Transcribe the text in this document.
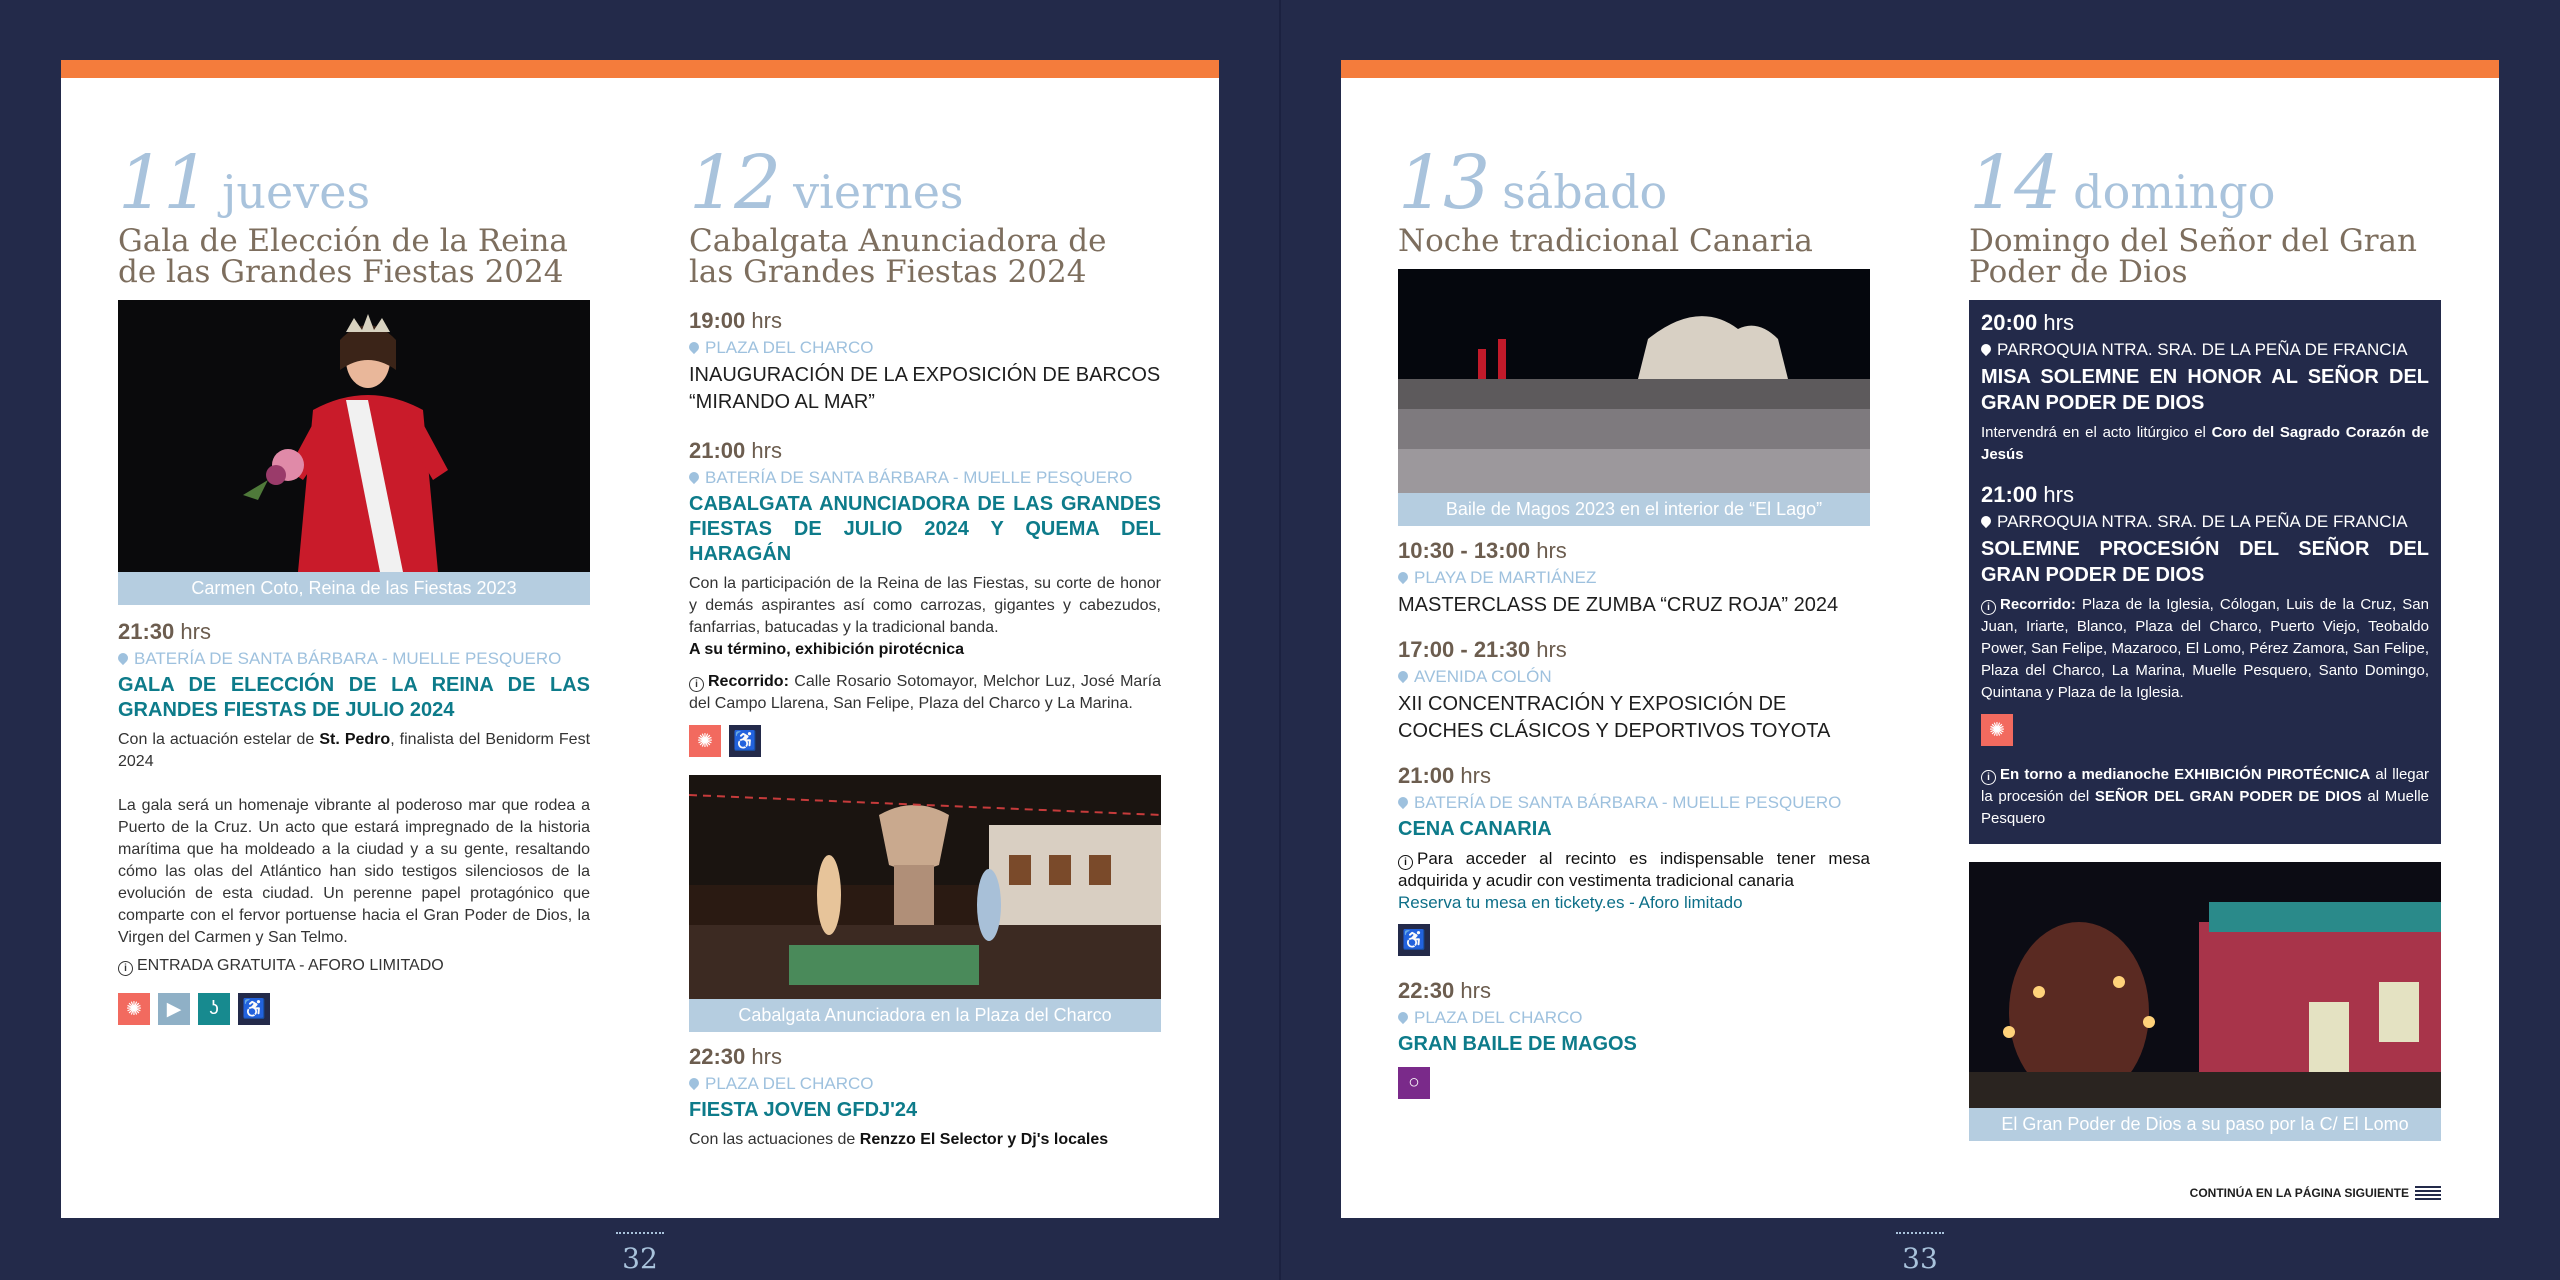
11 jueves
Gala de Elección de la Reina
de las Grandes Fiestas 2024
Carmen Coto, Reina de las Fiestas 2023
21:30 hrs
BATERÍA DE SANTA BÁRBARA - MUELLE PESQUERO
GALA DE ELECCIÓN DE LA REINA DE LAS GRANDES FIESTAS DE JULIO 2024
Con la actuación estelar de St. Pedro, finalista del Benidorm Fest 2024
La gala será un homenaje vibrante al poderoso mar que rodea a Puerto de la Cruz. Un acto que estará impregnado de la historia marítima que ha moldeado a la ciudad y a su gente, resaltando cómo las olas del Atlántico han sido testigos silenciosos de la evolución de esta ciudad. Un perenne papel protagónico que comparte con el fervor portuense hacia el Gran Poder de Dios, la Virgen del Carmen y San Telmo.
i ENTRADA GRATUITA - AFORO LIMITADO
✺	▶	ʖ	♿
12 viernes
Cabalgata Anunciadora de
las Grandes Fiestas 2024
19:00 hrs
PLAZA DEL CHARCO
INAUGURACIÓN DE LA EXPOSICIÓN DE BARCOS “MIRANDO AL MAR”
21:00 hrs
BATERÍA DE SANTA BÁRBARA - MUELLE PESQUERO
CABALGATA ANUNCIADORA DE LAS GRANDES FIESTAS DE JULIO 2024 Y QUEMA DEL HARAGÁN
Con la participación de la Reina de las Fiestas, su corte de honor y demás aspirantes así como carrozas, gigantes y cabezudos, fanfarrias, batucadas y la tradicional banda.
A su término, exhibición pirotécnica
i Recorrido: Calle Rosario Sotomayor, Melchor Luz, José María del Campo Llarena, San Felipe, Plaza del Charco y La Marina.
✺	♿
Cabalgata Anunciadora en la Plaza del Charco
22:30 hrs
PLAZA DEL CHARCO
FIESTA JOVEN GFDJ'24
Con las actuaciones de Renzzo El Selector y Dj's locales
32
13 sábado
Noche tradicional Canaria
Baile de Magos 2023 en el interior de “El Lago”
10:30 - 13:00 hrs
PLAYA DE MARTIÁNEZ
MASTERCLASS DE ZUMBA “CRUZ ROJA” 2024
17:00 - 21:30 hrs
AVENIDA COLÓN
XII CONCENTRACIÓN Y EXPOSICIÓN DE COCHES CLÁSICOS Y DEPORTIVOS TOYOTA
21:00 hrs
BATERÍA DE SANTA BÁRBARA - MUELLE PESQUERO
CENA CANARIA
i Para acceder al recinto es indispensable tener mesa adquirida y acudir con vestimenta tradicional canaria
Reserva tu mesa en tickety.es - Aforo limitado
♿
22:30 hrs
PLAZA DEL CHARCO
GRAN BAILE DE MAGOS
○
14 domingo
Domingo del Señor del Gran
Poder de Dios
20:00 hrs
PARROQUIA NTRA. SRA. DE LA PEÑA DE FRANCIA
MISA SOLEMNE EN HONOR AL SEÑOR DEL GRAN PODER DE DIOS
Intervendrá en el acto litúrgico el Coro del Sagrado Corazón de Jesús
21:00 hrs
PARROQUIA NTRA. SRA. DE LA PEÑA DE FRANCIA
SOLEMNE PROCESIÓN DEL SEÑOR DEL GRAN PODER DE DIOS
i Recorrido: Plaza de la Iglesia, Cólogan, Luis de la Cruz, San Juan, Iriarte, Blanco, Plaza del Charco, Puerto Viejo, Teobaldo Power, San Felipe, Mazaroco, El Lomo, Pérez Zamora, San Felipe, Plaza del Charco, La Marina, Muelle Pesquero, Santo Domingo, Quintana y Plaza de la Iglesia.
✺
i En torno a medianoche EXHIBICIÓN PIROTÉCNICA al llegar la procesión del SEÑOR DEL GRAN PODER DE DIOS al Muelle Pesquero
El Gran Poder de Dios a su paso por la C/ El Lomo
CONTINÚA EN LA PÁGINA SIGUIENTE
33
